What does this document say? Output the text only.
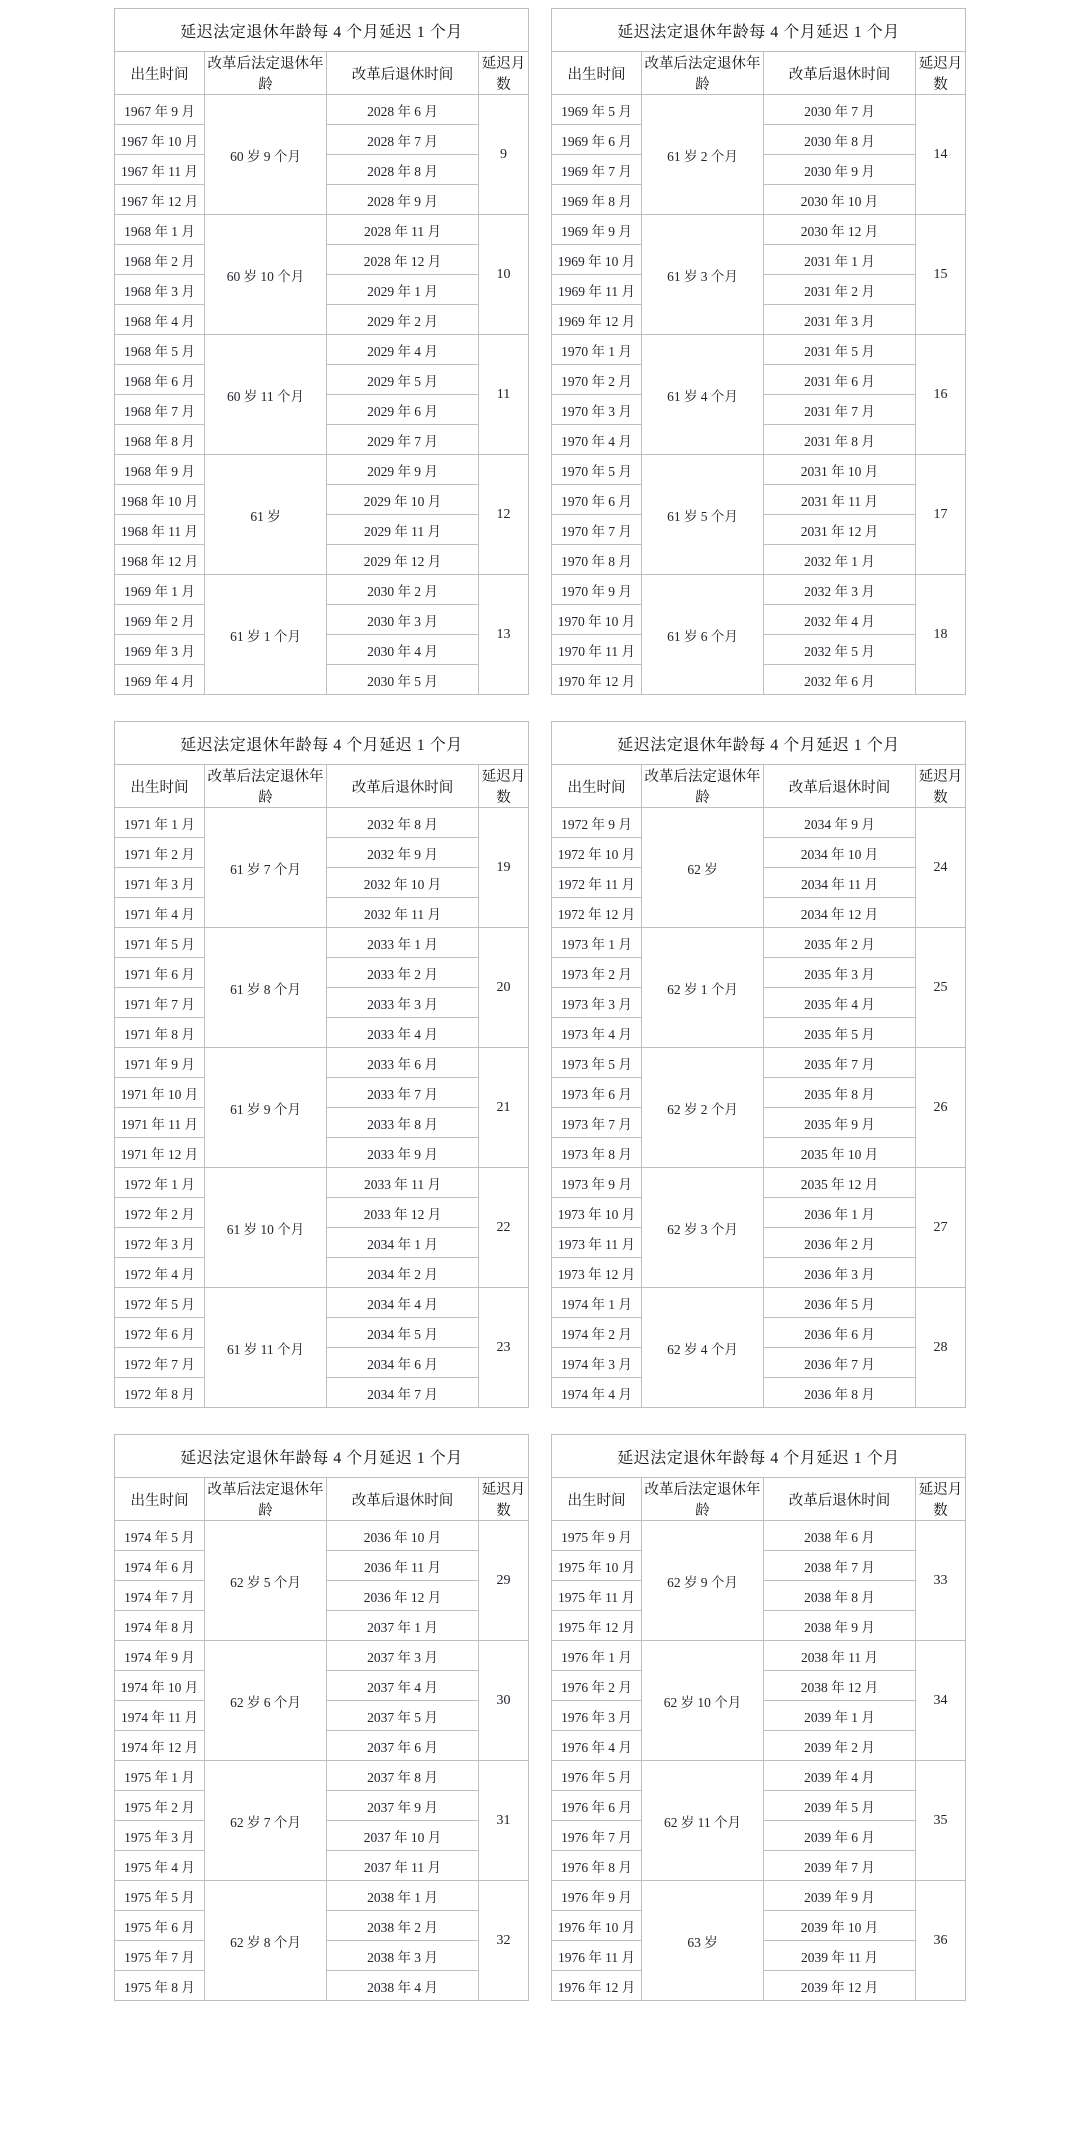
延迟法定退休年龄每 4 个月延迟 1 个月			
出生时间	改革后法定退休年龄	改革后退休时间	延迟月数
1967 年 9 月	60 岁 9 个月	2028 年 6 月	9
1967 年 10 月		2028 年 7 月	
1967 年 11 月		2028 年 8 月	
1967 年 12 月		2028 年 9 月	
1968 年 1 月	60 岁 10 个月	2028 年 11 月	10
1968 年 2 月		2028 年 12 月	
1968 年 3 月		2029 年 1 月	
1968 年 4 月		2029 年 2 月	
1968 年 5 月	60 岁 11 个月	2029 年 4 月	11
1968 年 6 月		2029 年 5 月	
1968 年 7 月		2029 年 6 月	
1968 年 8 月		2029 年 7 月	
1968 年 9 月	61 岁	2029 年 9 月	12
1968 年 10 月		2029 年 10 月	
1968 年 11 月		2029 年 11 月	
1968 年 12 月		2029 年 12 月	
1969 年 1 月	61 岁 1 个月	2030 年 2 月	13
1969 年 2 月		2030 年 3 月	
1969 年 3 月		2030 年 4 月	
1969 年 4 月		2030 年 5 月	
延迟法定退休年龄每 4 个月延迟 1 个月			
出生时间	改革后法定退休年龄	改革后退休时间	延迟月数
1969 年 5 月	61 岁 2 个月	2030 年 7 月	14
1969 年 6 月		2030 年 8 月	
1969 年 7 月		2030 年 9 月	
1969 年 8 月		2030 年 10 月	
1969 年 9 月	61 岁 3 个月	2030 年 12 月	15
1969 年 10 月		2031 年 1 月	
1969 年 11 月		2031 年 2 月	
1969 年 12 月		2031 年 3 月	
1970 年 1 月	61 岁 4 个月	2031 年 5 月	16
1970 年 2 月		2031 年 6 月	
1970 年 3 月		2031 年 7 月	
1970 年 4 月		2031 年 8 月	
1970 年 5 月	61 岁 5 个月	2031 年 10 月	17
1970 年 6 月		2031 年 11 月	
1970 年 7 月		2031 年 12 月	
1970 年 8 月		2032 年 1 月	
1970 年 9 月	61 岁 6 个月	2032 年 3 月	18
1970 年 10 月		2032 年 4 月	
1970 年 11 月		2032 年 5 月	
1970 年 12 月		2032 年 6 月	
延迟法定退休年龄每 4 个月延迟 1 个月			
出生时间	改革后法定退休年龄	改革后退休时间	延迟月数
1971 年 1 月	61 岁 7 个月	2032 年 8 月	19
1971 年 2 月		2032 年 9 月	
1971 年 3 月		2032 年 10 月	
1971 年 4 月		2032 年 11 月	
1971 年 5 月	61 岁 8 个月	2033 年 1 月	20
1971 年 6 月		2033 年 2 月	
1971 年 7 月		2033 年 3 月	
1971 年 8 月		2033 年 4 月	
1971 年 9 月	61 岁 9 个月	2033 年 6 月	21
1971 年 10 月		2033 年 7 月	
1971 年 11 月		2033 年 8 月	
1971 年 12 月		2033 年 9 月	
1972 年 1 月	61 岁 10 个月	2033 年 11 月	22
1972 年 2 月		2033 年 12 月	
1972 年 3 月		2034 年 1 月	
1972 年 4 月		2034 年 2 月	
1972 年 5 月	61 岁 11 个月	2034 年 4 月	23
1972 年 6 月		2034 年 5 月	
1972 年 7 月		2034 年 6 月	
1972 年 8 月		2034 年 7 月	
延迟法定退休年龄每 4 个月延迟 1 个月			
出生时间	改革后法定退休年龄	改革后退休时间	延迟月数
1972 年 9 月	62 岁	2034 年 9 月	24
1972 年 10 月		2034 年 10 月	
1972 年 11 月		2034 年 11 月	
1972 年 12 月		2034 年 12 月	
1973 年 1 月	62 岁 1 个月	2035 年 2 月	25
1973 年 2 月		2035 年 3 月	
1973 年 3 月		2035 年 4 月	
1973 年 4 月		2035 年 5 月	
1973 年 5 月	62 岁 2 个月	2035 年 7 月	26
1973 年 6 月		2035 年 8 月	
1973 年 7 月		2035 年 9 月	
1973 年 8 月		2035 年 10 月	
1973 年 9 月	62 岁 3 个月	2035 年 12 月	27
1973 年 10 月		2036 年 1 月	
1973 年 11 月		2036 年 2 月	
1973 年 12 月		2036 年 3 月	
1974 年 1 月	62 岁 4 个月	2036 年 5 月	28
1974 年 2 月		2036 年 6 月	
1974 年 3 月		2036 年 7 月	
1974 年 4 月		2036 年 8 月	
延迟法定退休年龄每 4 个月延迟 1 个月			
出生时间	改革后法定退休年龄	改革后退休时间	延迟月数
1974 年 5 月	62 岁 5 个月	2036 年 10 月	29
1974 年 6 月		2036 年 11 月	
1974 年 7 月		2036 年 12 月	
1974 年 8 月		2037 年 1 月	
1974 年 9 月	62 岁 6 个月	2037 年 3 月	30
1974 年 10 月		2037 年 4 月	
1974 年 11 月		2037 年 5 月	
1974 年 12 月		2037 年 6 月	
1975 年 1 月	62 岁 7 个月	2037 年 8 月	31
1975 年 2 月		2037 年 9 月	
1975 年 3 月		2037 年 10 月	
1975 年 4 月		2037 年 11 月	
1975 年 5 月	62 岁 8 个月	2038 年 1 月	32
1975 年 6 月		2038 年 2 月	
1975 年 7 月		2038 年 3 月	
1975 年 8 月		2038 年 4 月	
延迟法定退休年龄每 4 个月延迟 1 个月			
出生时间	改革后法定退休年龄	改革后退休时间	延迟月数
1975 年 9 月	62 岁 9 个月	2038 年 6 月	33
1975 年 10 月		2038 年 7 月	
1975 年 11 月		2038 年 8 月	
1975 年 12 月		2038 年 9 月	
1976 年 1 月	62 岁 10 个月	2038 年 11 月	34
1976 年 2 月		2038 年 12 月	
1976 年 3 月		2039 年 1 月	
1976 年 4 月		2039 年 2 月	
1976 年 5 月	62 岁 11 个月	2039 年 4 月	35
1976 年 6 月		2039 年 5 月	
1976 年 7 月		2039 年 6 月	
1976 年 8 月		2039 年 7 月	
1976 年 9 月	63 岁	2039 年 9 月	36
1976 年 10 月		2039 年 10 月	
1976 年 11 月		2039 年 11 月	
1976 年 12 月		2039 年 12 月	
